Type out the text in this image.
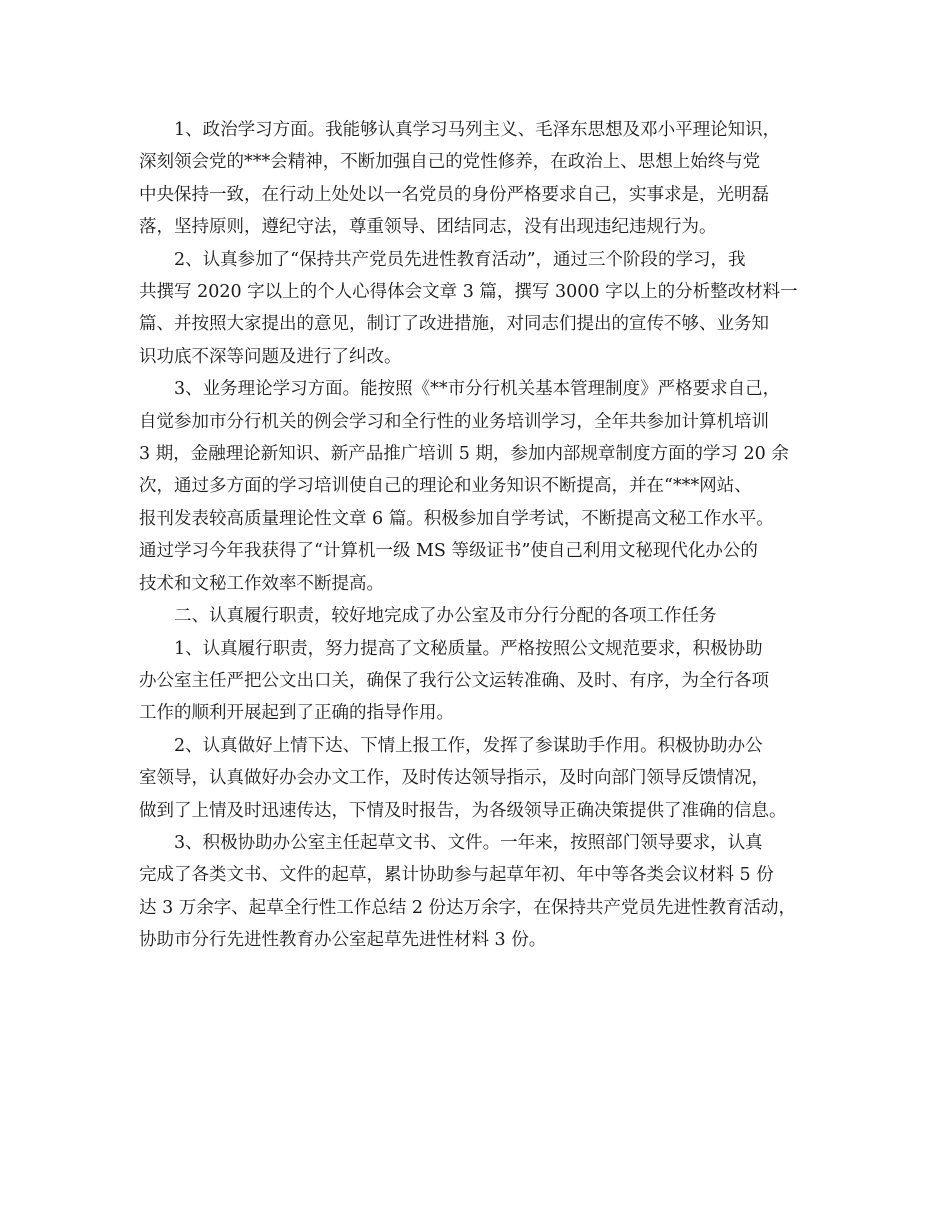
1、政治学习方面。我能够认真学习马列主义、毛泽东思想及邓小平理论知识，
深刻领会党的***会精神，不断加强自己的党性修养，在政治上、思想上始终与党
中央保持一致，在行动上处处以一名党员的身份严格要求自己，实事求是，光明磊
落，坚持原则，遵纪守法，尊重领导、团结同志，没有出现违纪违规行为。
2、认真参加了“保持共产党员先进性教育活动”，通过三个阶段的学习，我
共撰写 2020 字以上的个人心得体会文章 3 篇，撰写 3000 字以上的分析整改材料一
篇、并按照大家提出的意见，制订了改进措施，对同志们提出的宣传不够、业务知
识功底不深等问题及进行了纠改。
3、业务理论学习方面。能按照《**市分行机关基本管理制度》严格要求自己，
自觉参加市分行机关的例会学习和全行性的业务培训学习，全年共参加计算机培训
3 期，金融理论新知识、新产品推广培训 5 期，参加内部规章制度方面的学习 20 余
次，通过多方面的学习培训使自己的理论和业务知识不断提高，并在“***网站、
报刊发表较高质量理论性文章 6 篇。积极参加自学考试，不断提高文秘工作水平。
通过学习今年我获得了“计算机一级 MS 等级证书”使自己利用文秘现代化办公的
技术和文秘工作效率不断提高。
二、认真履行职责，较好地完成了办公室及市分行分配的各项工作任务
1、认真履行职责，努力提高了文秘质量。严格按照公文规范要求，积极协助
办公室主任严把公文出口关，确保了我行公文运转准确、及时、有序，为全行各项
工作的顺利开展起到了正确的指导作用。
2、认真做好上情下达、下情上报工作，发挥了参谋助手作用。积极协助办公
室领导，认真做好办会办文工作，及时传达领导指示，及时向部门领导反馈情况，
做到了上情及时迅速传达，下情及时报告，为各级领导正确决策提供了准确的信息。
3、积极协助办公室主任起草文书、文件。一年来，按照部门领导要求，认真
完成了各类文书、文件的起草，累计协助参与起草年初、年中等各类会议材料 5 份
达 3 万余字、起草全行性工作总结 2 份达万余字，在保持共产党员先进性教育活动，
协助市分行先进性教育办公室起草先进性材料 3 份。
